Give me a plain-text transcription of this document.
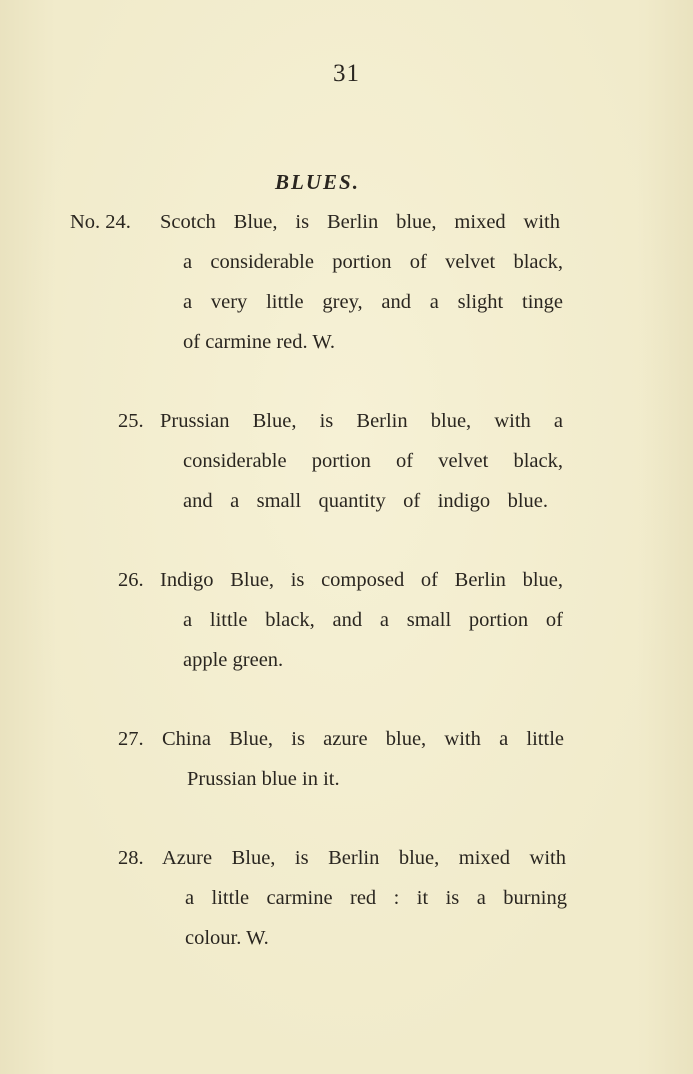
31
BLUES.
No. 24. Scotch Blue, is Berlin blue, mixed with
a considerable portion of velvet black,
a very little grey, and a slight tinge
of carmine red. W.
25. Prussian Blue, is Berlin blue, with a
considerable portion of velvet black,
and a small quantity of indigo blue.
26. Indigo Blue, is composed of Berlin blue,
a little black, and a small portion of
apple green.
27. China Blue, is azure blue, with a little
Prussian blue in it.
28. Azure Blue, is Berlin blue, mixed with
a little carmine red : it is a burning
colour. W.
